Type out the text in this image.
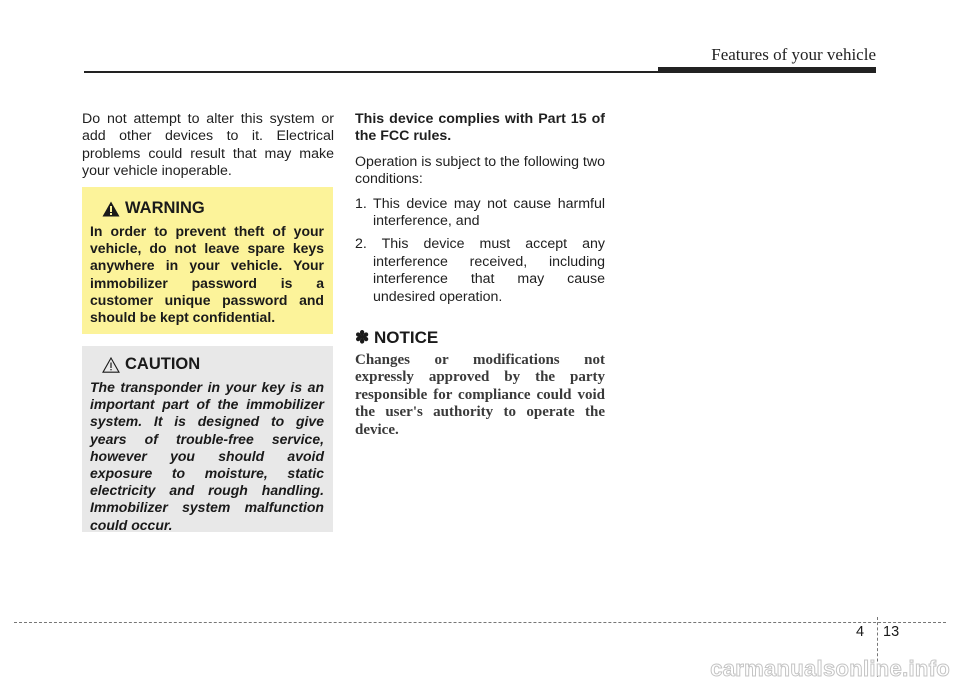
Features of your vehicle

Do not attempt to alter this system or add other devices to it. Electrical problems could result that may make your vehicle inoperable.

WARNING

In order to prevent theft of your vehicle, do not leave spare keys anywhere in your vehicle. Your immobilizer password is a customer unique password and should be kept confidential.

CAUTION

The transponder in your key is an important part of the immobilizer system. It is designed to give years of trouble-free service, however you should avoid exposure to moisture, static electricity and rough handling. Immobilizer system malfunction could occur.

This device complies with Part 15 of the FCC rules.

Operation is subject to the following two conditions:

1. This device may not cause harmful interference, and
2. This device must accept any interference received, including interference that may cause undesired operation.
✽ NOTICE

Changes or modifications not expressly approved by the party responsible for compliance could void the user's authority to operate the device.

4 13
carmanualsonline.info
